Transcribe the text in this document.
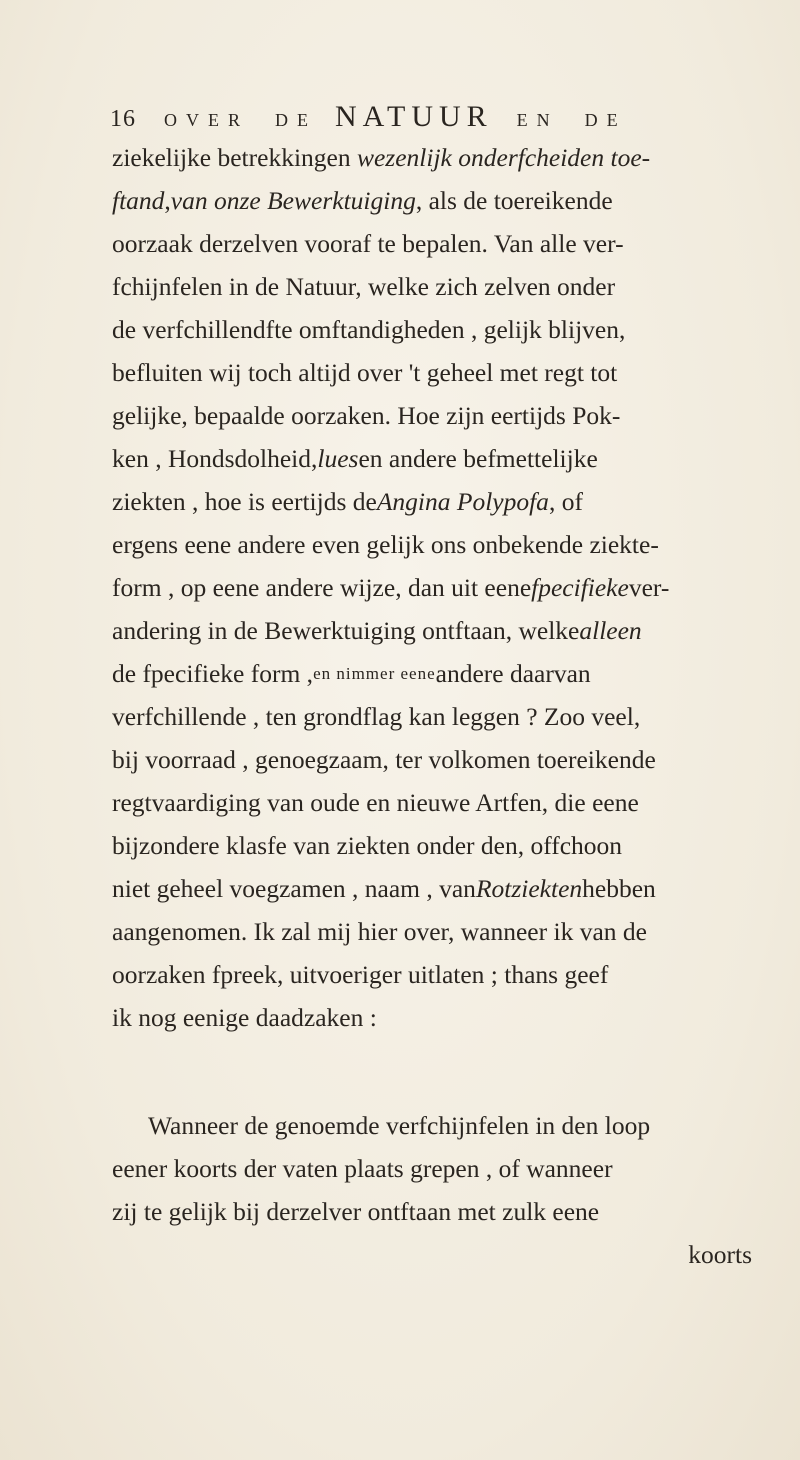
16 OVER DE NATUUR EN DE
ziekelijke betrekkingen
wezenlijk onderfcheiden toe-
ftand , van onze Bewerktuiging , als de toereikende
oorzaak derzelven vooraf te bepalen. Van alle ver-
fchijnfelen in de Natuur, welke zich zelven onder
de verfchillendfte omftandigheden , gelijk blijven,
befluiten wij toch altijd over 't geheel met regt tot
gelijke, bepaalde oorzaken. Hoe zijn eertijds Pok-
ken , Hondsdolheid, lues en andere befmettelijke
ziekten , hoe is eertijds de Angina Polypofa , of
ergens eene andere even gelijk ons onbekende ziekte-
form , op eene andere wijze, dan uit eene fpecifieke ver-
andering in de Bewerktuiging ontftaan, welke alleen
de fpecifieke form , en nimmer eene andere daarvan
verfchillende , ten grondflag kan leggen ? Zoo veel,
bij voorraad , genoegzaam, ter volkomen toereikende
regtvaardiging van oude en nieuwe Artfen, die eene
bijzondere klasfe van ziekten onder den, offchoon
niet geheel voegzamen , naam , van Rotziekten hebben
aangenomen. Ik zal mij hier over, wanneer ik van de
oorzaken fpreek, uitvoeriger uitlaten ; thans geef
ik nog eenige daadzaken :
Wanneer de genoemde verfchijnfelen in den loop
eener koorts der vaten plaats grepen , of wanneer
zij te gelijk bij derzelver ontftaan met zulk eene
koorts
